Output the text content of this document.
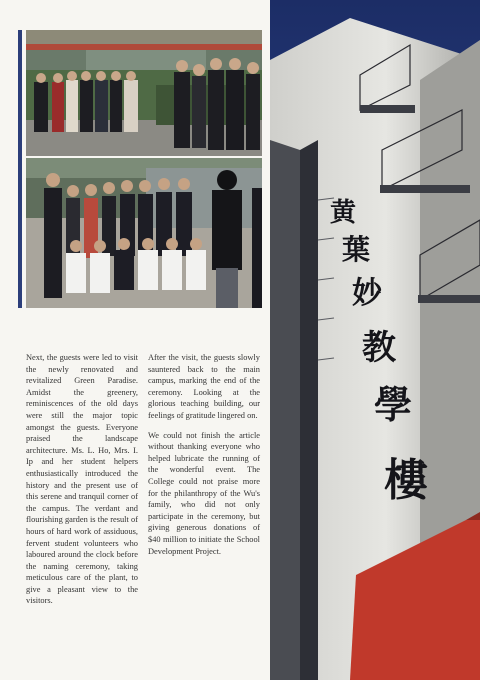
Next, the guests were led to visit the newly renovated and revitalized Green Paradise. Amidst the greenery, reminiscences of the old days were still the major topic amongst the guests. Everyone praised the landscape architecture. Ms. L. Ho, Mrs. I. Ip and her student helpers enthusiastically introduced the history and the present use of this serene and tranquil corner of the campus. The verdant and flourishing garden is the result of hours of hard work of assiduous, fervent student volunteers who laboured around the clock before the naming ceremony, taking meticulous care of the plant, to give a pleasant view to the visitors.

After the visit, the guests slowly sauntered back to the main campus, marking the end of the ceremony. Looking at the glorious teaching building, our feelings of gratitude lingered on.

We could not finish the article without thanking everyone who helped lubricate the running of the wonderful event. The College could not praise more for the philanthropy of the Wu's family, who did not only participate in the ceremony, but giving generous donations of $40 million to initiate the School Development Project.

黄
葉
妙
教
學
樓
